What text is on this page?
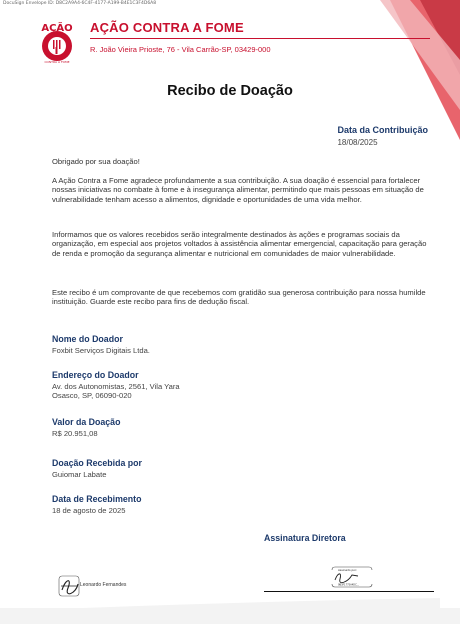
DocuSign Envelope ID: D8C2A9A4-6C4F-4177-A199-B4E1C3F4D6A8
AÇÃO
CONTRA A FOME
AÇÃO CONTRA A FOME
R. João Vieira Prioste, 76 - Vila Carrão-SP, 03429-000
Recibo de Doação
Data da Contribuição
18/08/2025
Obrigado por sua doação!
A Ação Contra a Fome agradece profundamente a sua contribuição. A sua doação é essencial para fortalecer nossas iniciativas no combate à fome e à insegurança alimentar, permitindo que mais pessoas em situação de vulnerabilidade tenham acesso a alimentos, dignidade e oportunidades de uma vida melhor.
Informamos que os valores recebidos serão integralmente destinados às ações e programas sociais da organização, em especial aos projetos voltados à assistência alimentar emergencial, capacitação para geração de renda e promoção da segurança alimentar e nutricional em comunidades de maior vulnerabilidade.
Este recibo é um comprovante de que recebemos com gratidão sua generosa contribuição para nossa humilde instituição. Guarde este recibo para fins de dedução fiscal.
Nome do Doador
Foxbit Serviços Digitais Ltda.
Endereço do Doador
Av. dos Autonomistas, 2561, Vila Yara
Osasco, SP, 06090-020
Valor da Doação
R$ 20.951,08
Doação Recebida por
Guiomar Labate
Data de Recebimento
18 de agosto de 2025
Assinatura Diretora
Leonardo Fernandes
Assinado por:
9B3F1775A4DC...
